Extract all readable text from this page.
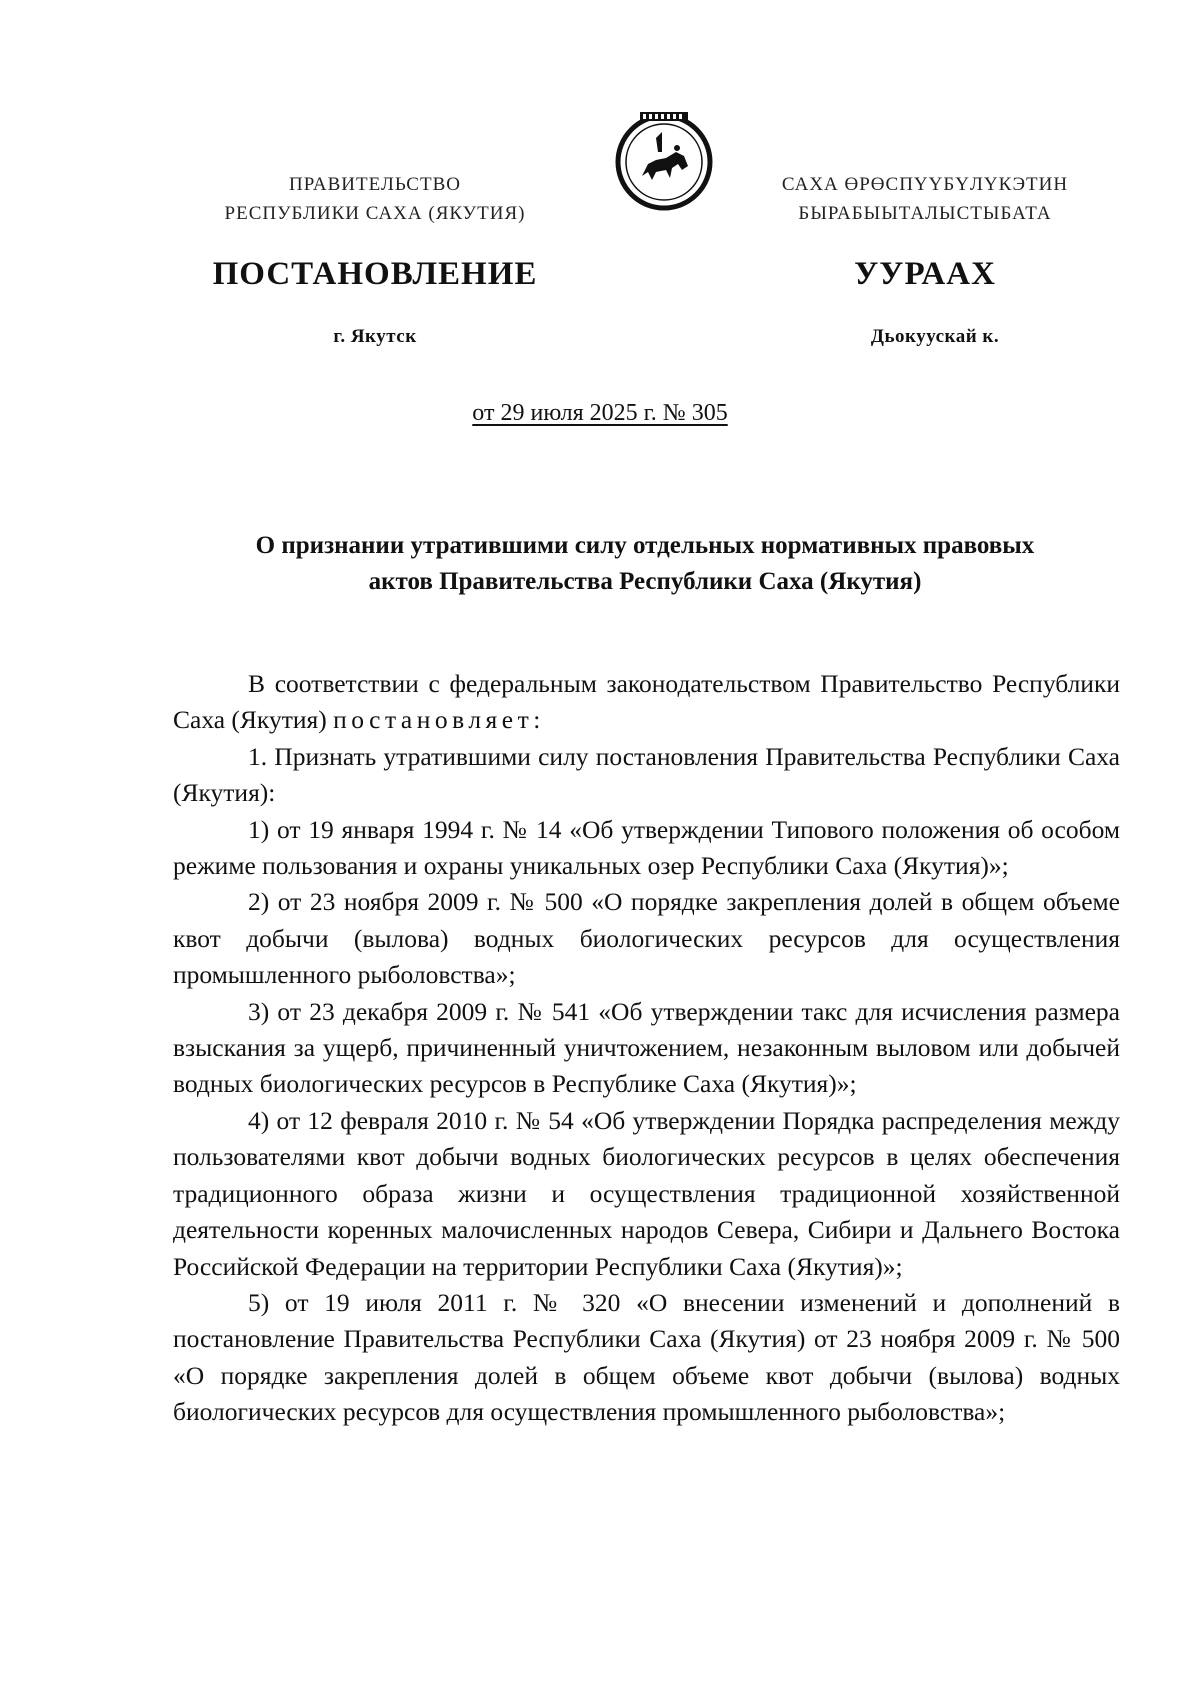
ПРАВИТЕЛЬСТВО
РЕСПУБЛИКИ САХА (ЯКУТИЯ)
САХА ӨРӨСПҮҮБҮЛҮКЭТИН
БЫРАБЫЫТАЛЫСТЫБАТА
ПОСТАНОВЛЕНИЕ	УУРААХ
г. Якутск	Дьокуускай к.
от 29 июля 2025 г. № 305
О признании утратившими силу отдельных нормативных правовых
актов Правительства Республики Саха (Якутия)

В соответствии с федеральным законодательством Правительство Республики Саха (Якутия) постановляет:

1. Признать утратившими силу постановления Правительства Республики Саха (Якутия):

1) от 19 января 1994 г. № 14 «Об утверждении Типового положения об особом режиме пользования и охраны уникальных озер Республики Саха (Якутия)»;

2) от 23 ноября 2009 г. № 500 «О порядке закрепления долей в общем объеме квот добычи (вылова) водных биологических ресурсов для осуществления промышленного рыболовства»;

3) от 23 декабря 2009 г. № 541 «Об утверждении такс для исчисления размера взыскания за ущерб, причиненный уничтожением, незаконным выловом или добычей водных биологических ресурсов в Республике Саха (Якутия)»;

4) от 12 февраля 2010 г. № 54 «Об утверждении Порядка распределения между пользователями квот добычи водных биологических ресурсов в целях обеспечения традиционного образа жизни и осуществления традиционной хозяйственной деятельности коренных малочисленных народов Севера, Сибири и Дальнего Востока Российской Федерации на территории Республики Саха (Якутия)»;

5) от 19 июля 2011 г. № 320 «О внесении изменений и дополнений в постановление Правительства Республики Саха (Якутия) от 23 ноября 2009 г. № 500 «О порядке закрепления долей в общем объеме квот добычи (вылова) водных биологических ресурсов для осуществления промышленного рыболовства»;
